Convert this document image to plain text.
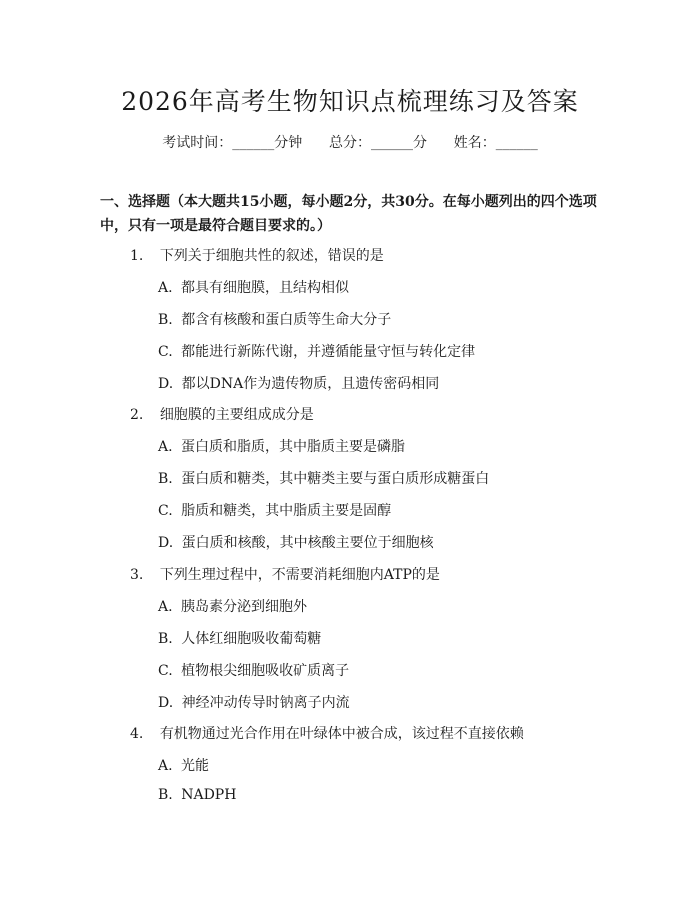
2026年高考生物知识点梳理练习及答案
考试时间：______分钟      总分：______分      姓名：______
一、选择题（本大题共15小题，每小题2分，共30分。在每小题列出的四个选项中，只有一项是最符合题目要求的。）
1. 下列关于细胞共性的叙述，错误的是
A. 都具有细胞膜，且结构相似
B. 都含有核酸和蛋白质等生命大分子
C. 都能进行新陈代谢，并遵循能量守恒与转化定律
D. 都以DNA作为遗传物质，且遗传密码相同
2. 细胞膜的主要组成成分是
A. 蛋白质和脂质，其中脂质主要是磷脂
B. 蛋白质和糖类，其中糖类主要与蛋白质形成糖蛋白
C. 脂质和糖类，其中脂质主要是固醇
D. 蛋白质和核酸，其中核酸主要位于细胞核
3. 下列生理过程中，不需要消耗细胞内ATP的是
A. 胰岛素分泌到细胞外
B. 人体红细胞吸收葡萄糖
C. 植物根尖细胞吸收矿质离子
D. 神经冲动传导时钠离子内流
4. 有机物通过光合作用在叶绿体中被合成，该过程不直接依赖
A. 光能
B. NADPH
